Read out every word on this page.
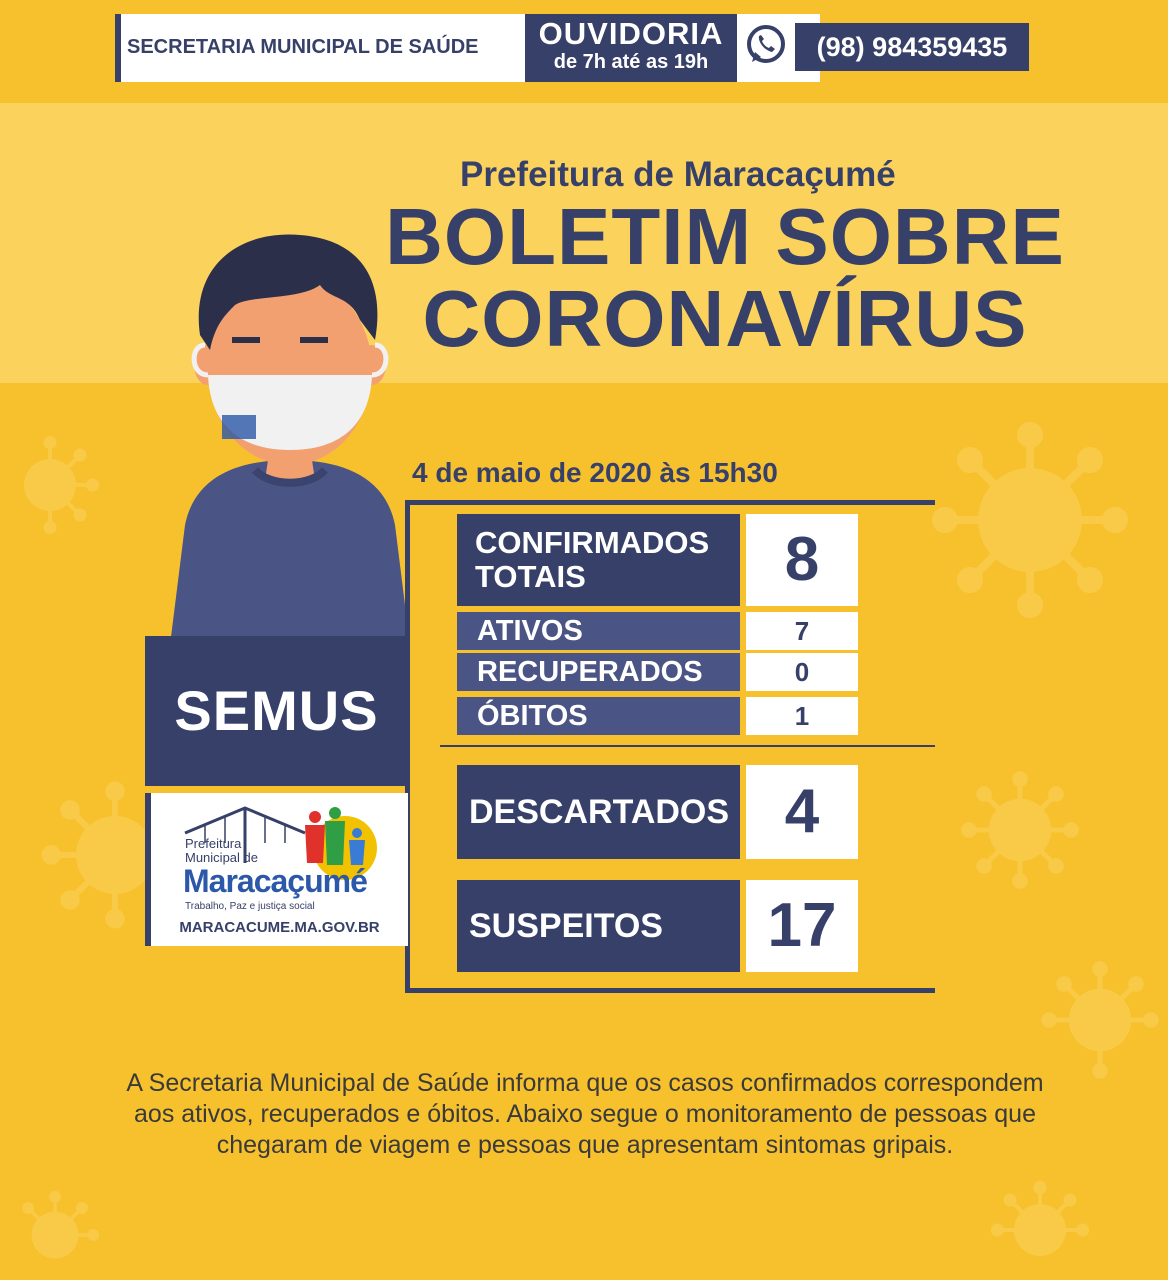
SECRETARIA MUNICIPAL DE SAÚDE	OUVIDORIA
de 7h até as 19h	(98) 984359435
Prefeitura de Maracaçumé
BOLETIM SOBRE
CORONAVÍRUS
4 de maio de 2020 às 15h30
CONFIRMADOS
TOTAIS	8
ATIVOS	7
RECUPERADOS	0
ÓBITOS	1
DESCARTADOS 4
SUSPEITOS	17
SEMUS
Prefeitura
Municipal de
Maracaçumé
Trabalho, Paz e justiça social
MARACACUME.MA.GOV.BR
A Secretaria Municipal de Saúde informa que os casos confirmados correspondem
aos ativos, recuperados e óbitos. Abaixo segue o monitoramento de pessoas que
chegaram de viagem e pessoas que apresentam sintomas gripais.
